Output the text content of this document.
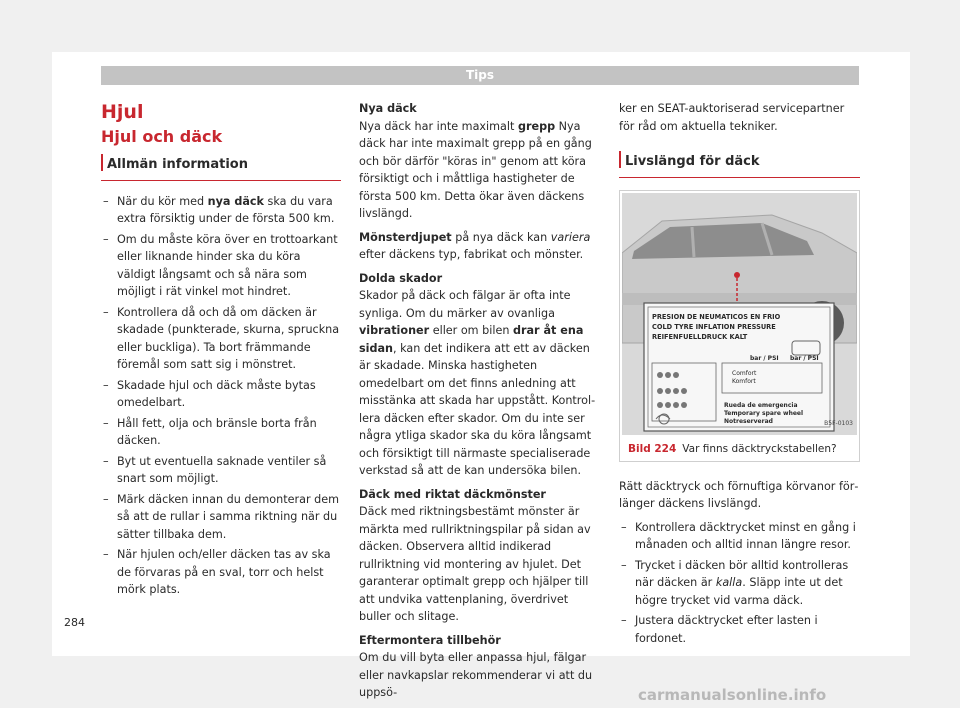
Tips
Hjul
Hjul och däck
Allmän information
– När du kör med nya däck ska du vara extra försiktig under de första 500 km.
– Om du måste köra över en trottoarkant eller liknande hinder ska du köra väldigt långsamt och så nära som möjligt i rät vinkel mot hindret.
– Kontrollera då och då om däcken är skadade (punkterade, skurna, spruckna eller buckliga). Ta bort främmande föremål som satt sig i mönstret.
– Skadade hjul och däck måste bytas omedelbart.
– Håll fett, olja och bränsle borta från däcken.
– Byt ut eventuella saknade ventiler så snart som möjligt.
– Märk däcken innan du demonterar dem så att de rullar i samma riktning när du sätter tillbaka dem.
– När hjulen och/eller däcken tas av ska de förvaras på en sval, torr och helst mörk plats.
Nya däck

Nya däck har inte maximalt grepp Nya däck har inte maximalt grepp på en gång och bör därför "köras in" genom att köra försiktigt och i måttliga hastigheter de första 500 km. Detta ökar även däckens livslängd.

Mönsterdjupet på nya däck kan variera efter däckens typ, fabrikat och mönster.

Dolda skador

Skador på däck och fälgar är ofta inte synliga. Om du märker av ovanliga vibrationer eller om bilen drar åt ena sidan, kan det indikera att ett av däcken är skadade. Minska hastigheten omedelbart om det finns anledning att misstänka att skada har uppstått. Kontrollera däcken efter skador. Om du inte ser några ytliga skador ska du köra långsamt och försiktigt till närmaste specialiserade verkstad så att de kan undersöka bilen.

Däck med riktat däckmönster

Däck med riktningsbestämt mönster är märkta med rullriktningspilar på sidan av däcken. Observera alltid indikerad rullriktning vid montering av hjulet. Det garanterar optimalt grepp och hjälper till att undvika vattenplaning, överdrivet buller och slitage.

Eftermontera tillbehör

Om du vill byta eller anpassa hjul, fälgar eller navkapslar rekommenderar vi att du uppsö-

ker en SEAT-auktoriserad servicepartner för råd om aktuella tekniker.

Livslängd för däck
PRESION DE NEUMATICOS EN FRIO
COLD TYRE INFLATION PRESSURE
REIFENFUELLDRUCK KALT
bar / PSI bar / PSI
Comfort
Komfort
Rueda de emergencia
Temporary spare wheel
Notreserverad	B5F-0103
Bild 224 Var finns däcktryckstabellen?

Rätt däcktryck och förnuftiga körvanor förlänger däckens livslängd.

– Kontrollera däcktrycket minst en gång i månaden och alltid innan längre resor.
– Trycket i däcken bör alltid kontrolleras när däcken är kalla. Släpp inte ut det högre trycket vid varma däck.
– Justera däcktrycket efter lasten i fordonet.
284
carmanualsonline.info
